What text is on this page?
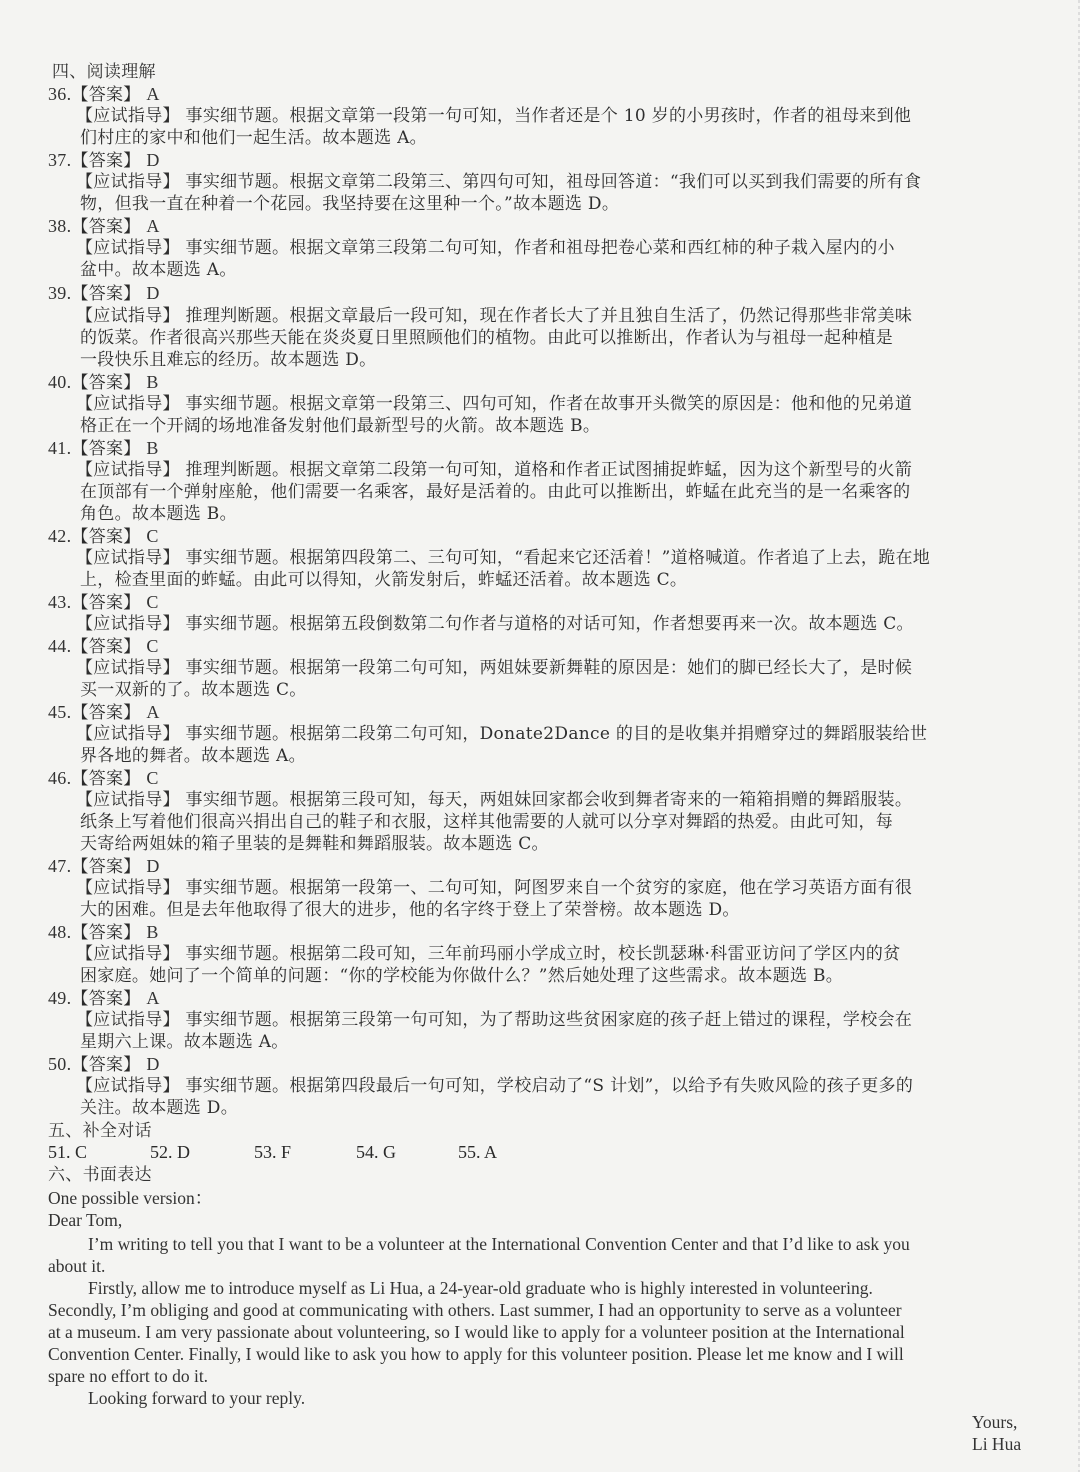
四、阅读理解
36.【答案】 A
【应试指导】 事实细节题。根据文章第一段第一句可知，当作者还是个 10 岁的小男孩时，作者的祖母来到他
们村庄的家中和他们一起生活。故本题选 A。
37.【答案】 D
【应试指导】 事实细节题。根据文章第二段第三、第四句可知，祖母回答道：“我们可以买到我们需要的所有食
物，但我一直在种着一个花园。我坚持要在这里种一个。”故本题选 D。
38.【答案】 A
【应试指导】 事实细节题。根据文章第三段第二句可知，作者和祖母把卷心菜和西红柿的种子栽入屋内的小
盆中。故本题选 A。
39.【答案】 D
【应试指导】 推理判断题。根据文章最后一段可知，现在作者长大了并且独自生活了，仍然记得那些非常美味
的饭菜。作者很高兴那些天能在炎炎夏日里照顾他们的植物。由此可以推断出，作者认为与祖母一起种植是
一段快乐且难忘的经历。故本题选 D。
40.【答案】 B
【应试指导】 事实细节题。根据文章第一段第三、四句可知，作者在故事开头微笑的原因是：他和他的兄弟道
格正在一个开阔的场地准备发射他们最新型号的火箭。故本题选 B。
41.【答案】 B
【应试指导】 推理判断题。根据文章第二段第一句可知，道格和作者正试图捕捉蚱蜢，因为这个新型号的火箭
在顶部有一个弹射座舱，他们需要一名乘客，最好是活着的。由此可以推断出，蚱蜢在此充当的是一名乘客的
角色。故本题选 B。
42.【答案】 C
【应试指导】 事实细节题。根据第四段第二、三句可知，“看起来它还活着！”道格喊道。作者追了上去，跪在地
上，检查里面的蚱蜢。由此可以得知，火箭发射后，蚱蜢还活着。故本题选 C。
43.【答案】 C
【应试指导】 事实细节题。根据第五段倒数第二句作者与道格的对话可知，作者想要再来一次。故本题选 C。
44.【答案】 C
【应试指导】 事实细节题。根据第一段第二句可知，两姐妹要新舞鞋的原因是：她们的脚已经长大了，是时候
买一双新的了。故本题选 C。
45.【答案】 A
【应试指导】 事实细节题。根据第二段第二句可知，Donate2Dance 的目的是收集并捐赠穿过的舞蹈服装给世
界各地的舞者。故本题选 A。
46.【答案】 C
【应试指导】 事实细节题。根据第三段可知，每天，两姐妹回家都会收到舞者寄来的一箱箱捐赠的舞蹈服装。
纸条上写着他们很高兴捐出自己的鞋子和衣服，这样其他需要的人就可以分享对舞蹈的热爱。由此可知，每
天寄给两姐妹的箱子里装的是舞鞋和舞蹈服装。故本题选 C。
47.【答案】 D
【应试指导】 事实细节题。根据第一段第一、二句可知，阿图罗来自一个贫穷的家庭，他在学习英语方面有很
大的困难。但是去年他取得了很大的进步，他的名字终于登上了荣誉榜。故本题选 D。
48.【答案】 B
【应试指导】 事实细节题。根据第二段可知，三年前玛丽小学成立时，校长凯瑟琳·科雷亚访问了学区内的贫
困家庭。她问了一个简单的问题：“你的学校能为你做什么？”然后她处理了这些需求。故本题选 B。
49.【答案】 A
【应试指导】 事实细节题。根据第三段第一句可知，为了帮助这些贫困家庭的孩子赶上错过的课程，学校会在
星期六上课。故本题选 A。
50.【答案】 D
【应试指导】 事实细节题。根据第四段最后一句可知，学校启动了“S 计划”，以给予有失败风险的孩子更多的
关注。故本题选 D。
五、补全对话
51. C	52. D	53. F	54. G	55. A
六、书面表达
One possible version：
Dear Tom,
I’m writing to tell you that I want to be a volunteer at the International Convention Center and that I’d like to ask you
about it.
Firstly, allow me to introduce myself as Li Hua, a 24-year-old graduate who is highly interested in volunteering.
Secondly, I’m obliging and good at communicating with others. Last summer, I had an opportunity to serve as a volunteer
at a museum. I am very passionate about volunteering, so I would like to apply for a volunteer position at the International
Convention Center. Finally, I would like to ask you how to apply for this volunteer position. Please let me know and I will
spare no effort to do it.
Looking forward to your reply.
Yours,
Li Hua
